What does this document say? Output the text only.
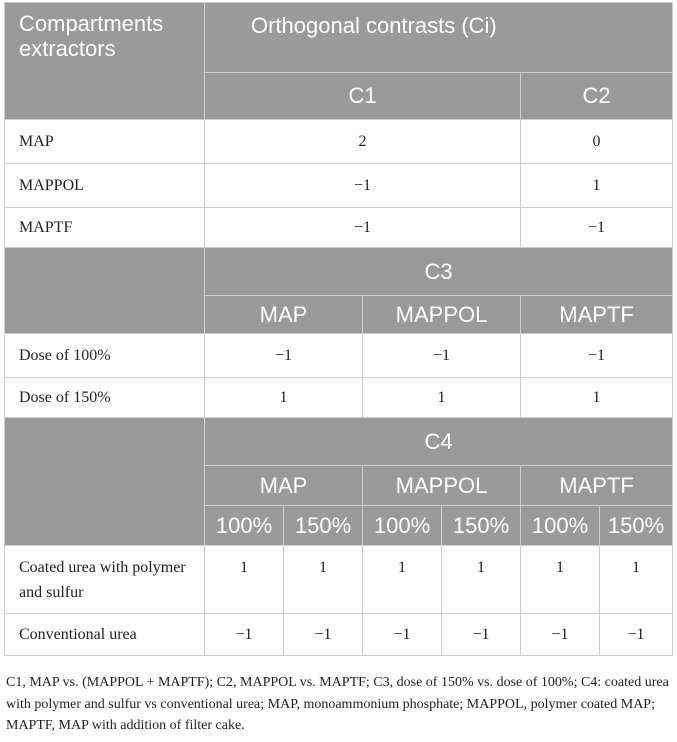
Compartments extractors	Orthogonal contrasts (Ci)					
	C1				C2	
MAP	2				0	
MAPPOL	−1				1	
MAPTF	−1				−1	
	C3					
	MAP		MAPPOL		MAPTF	
Dose of 100%	−1		−1		−1	
Dose of 150%	1		1		1	
	C4					
	MAP		MAPPOL		MAPTF	
	100%	150%	100%	150%	100%	150%
Coated urea with polymer and sulfur	1	1	1	1	1	1
Conventional urea	−1	−1	−1	−1	−1	−1
C1, MAP vs. (MAPPOL + MAPTF); C2, MAPPOL vs. MAPTF; C3, dose of 150% vs. dose of 100%; C4: coated urea with polymer and sulfur vs conventional urea; MAP, monoammonium phosphate; MAPPOL, polymer coated MAP; MAPTF, MAP with addition of filter cake.
